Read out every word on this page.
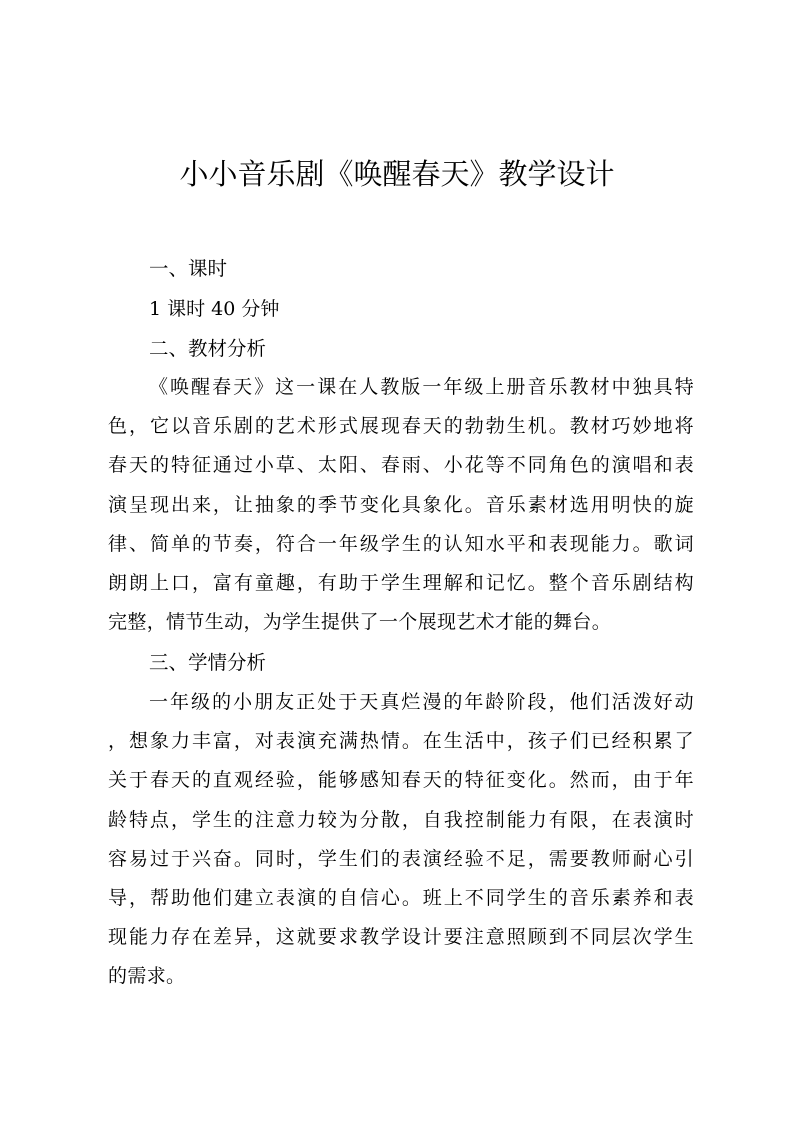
小小音乐剧《唤醒春天》教学设计
一、课时
1 课时 40 分钟
二、教材分析
《唤醒春天》这一课在人教版一年级上册音乐教材中独具特
色，它以音乐剧的艺术形式展现春天的勃勃生机。教材巧妙地将
春天的特征通过小草、太阳、春雨、小花等不同角色的演唱和表
演呈现出来，让抽象的季节变化具象化。音乐素材选用明快的旋
律、简单的节奏，符合一年级学生的认知水平和表现能力。歌词
朗朗上口，富有童趣，有助于学生理解和记忆。整个音乐剧结构
完整，情节生动，为学生提供了一个展现艺术才能的舞台。
三、学情分析
一年级的小朋友正处于天真烂漫的年龄阶段，他们活泼好动
，想象力丰富，对表演充满热情。在生活中，孩子们已经积累了
关于春天的直观经验，能够感知春天的特征变化。然而，由于年
龄特点，学生的注意力较为分散，自我控制能力有限，在表演时
容易过于兴奋。同时，学生们的表演经验不足，需要教师耐心引
导，帮助他们建立表演的自信心。班上不同学生的音乐素养和表
现能力存在差异，这就要求教学设计要注意照顾到不同层次学生
的需求。
